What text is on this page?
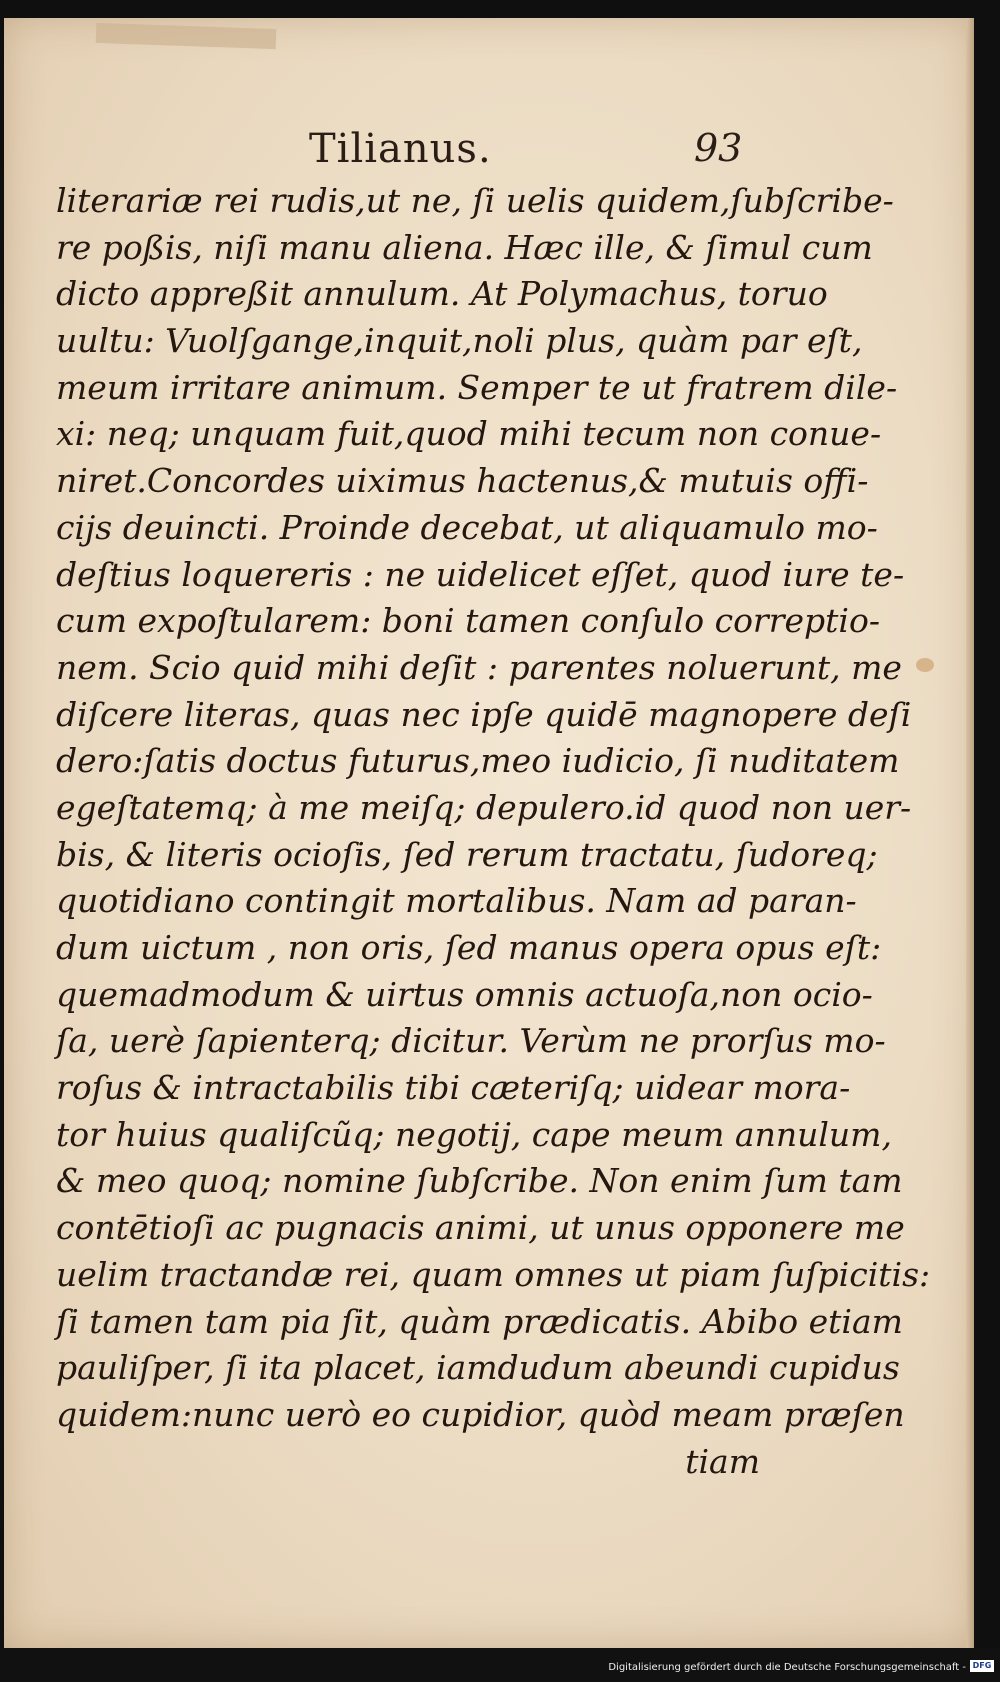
Tilianus.	93
literariæ rei rudis,ut ne, ſi uelis quidem,ſubſcribe-
re poßis, niſi manu aliena. Hæc ille, & ſimul cum
dicto appreßit annulum. At Polymachus, toruo
uultu: Vuolſgange,inquit,noli plus, quàm par eſt,
meum irritare animum. Semper te ut fratrem dile-
xi: neq; unquam fuit,quod mihi tecum non conue-
niret.Concordes uiximus hactenus,& mutuis offi-
cijs deuincti. Proinde decebat, ut aliquamulo mo-
deſtius loquereris : ne uidelicet eſſet, quod iure te-
cum expoſtularem: boni tamen conſulo correptio-
nem. Scio quid mihi deſit : parentes noluerunt, me
diſcere literas, quas nec ipſe quidē magnopere deſi
dero:ſatis doctus futurus,meo iudicio, ſi nuditatem
egeſtatemq; à me meiſq; depulero.id quod non uer-
bis, & literis ocioſis, ſed rerum tractatu, ſudoreq;
quotidiano contingit mortalibus. Nam ad paran-
dum uictum , non oris, ſed manus opera opus eſt:
quemadmodum & uirtus omnis actuoſa,non ocio-
ſa, uerè ſapienterq; dicitur. Verùm ne prorſus mo-
roſus & intractabilis tibi cæteriſq; uidear mora-
tor huius qualiſcũq; negotij, cape meum annulum,
& meo quoq; nomine ſubſcribe. Non enim ſum tam
contētioſi ac pugnacis animi, ut unus opponere me
uelim tractandæ rei, quam omnes ut piam ſuſpicitis:
ſi tamen tam pia ſit, quàm prædicatis. Abibo etiam
pauliſper, ſi ita placet, iamdudum abeundi cupidus
quidem:nunc uerò eo cupidior, quòd meam præſen
tiam
Digitalisierung gefördert durch die Deutsche Forschungsgemeinschaft - DFG
